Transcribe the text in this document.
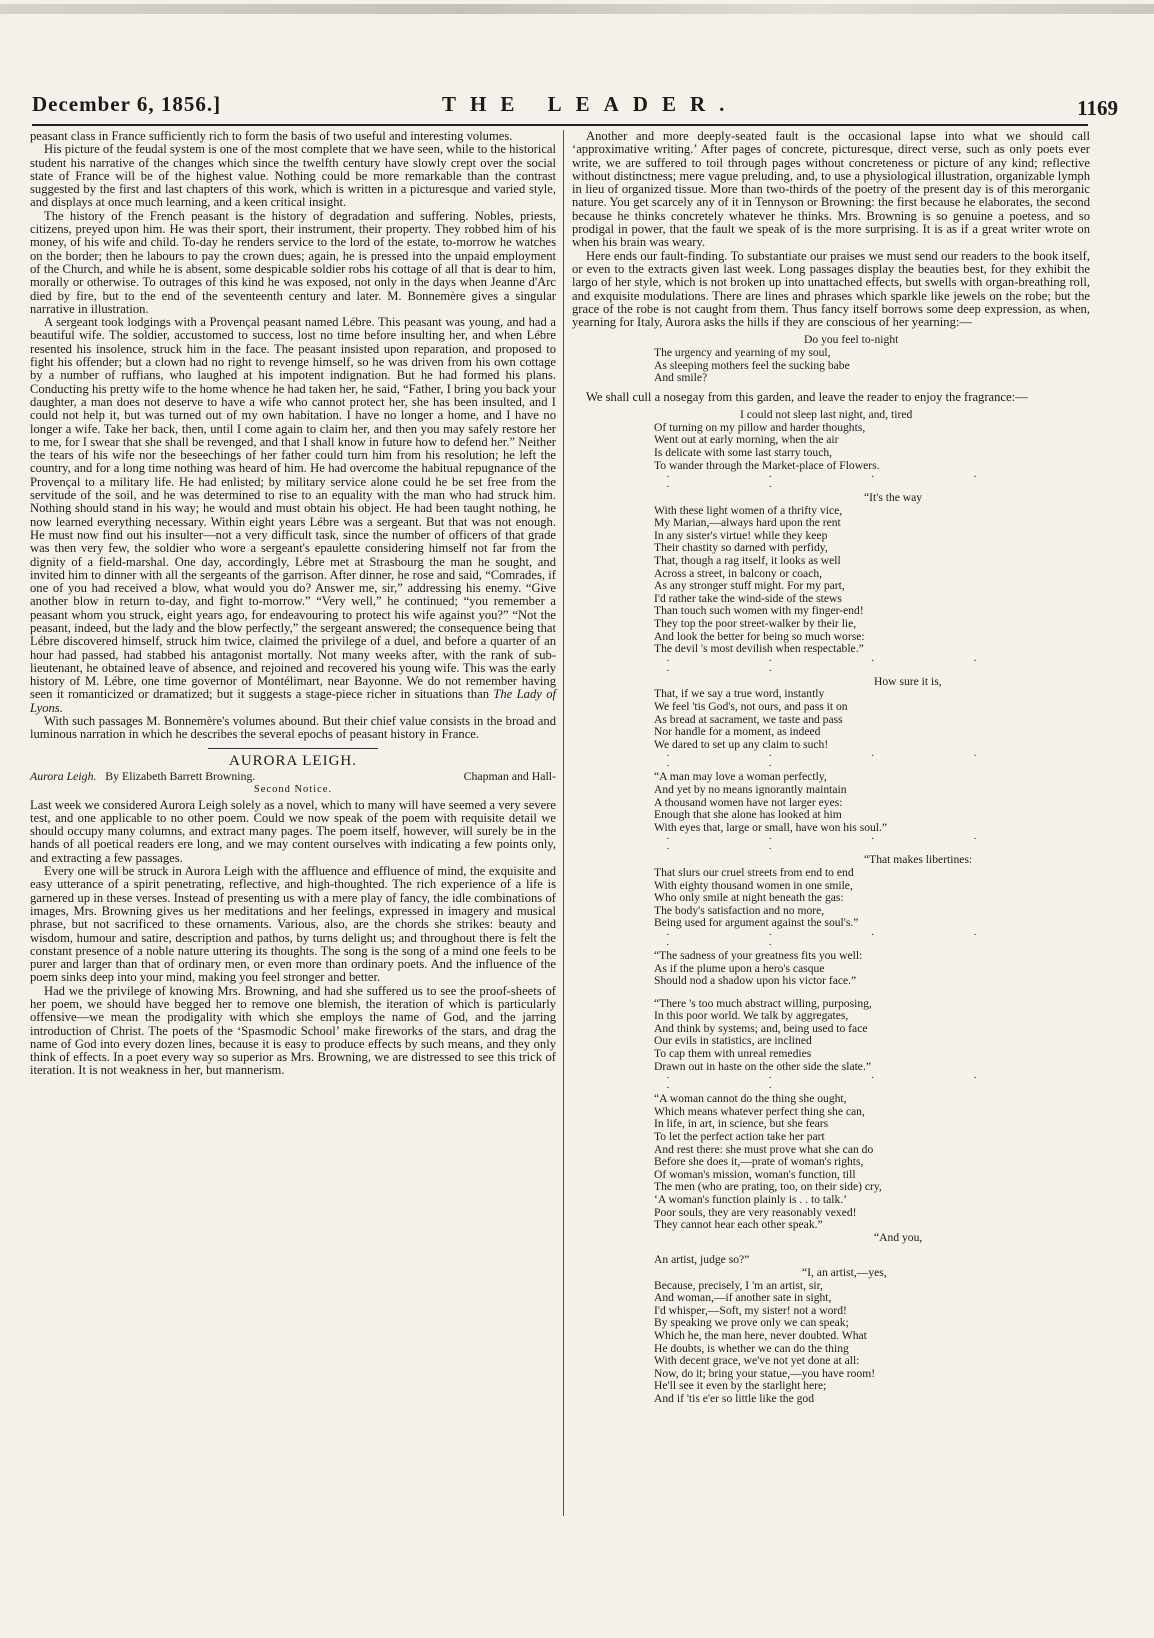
December 6, 1856.]	THE LEADER.	1169

peasant class in France sufficiently rich to form the basis of two useful and interesting volumes.

His picture of the feudal system is one of the most complete that we have seen, while to the historical student his narrative of the changes which since the twelfth century have slowly crept over the social state of France will be of the highest value. Nothing could be more remarkable than the contrast suggested by the first and last chapters of this work, which is written in a picturesque and varied style, and displays at once much learning, and a keen critical insight.

The history of the French peasant is the history of degradation and suffering. Nobles, priests, citizens, preyed upon him. He was their sport, their instrument, their property. They robbed him of his money, of his wife and child. To-day he renders service to the lord of the estate, to-morrow he watches on the border; then he labours to pay the crown dues; again, he is pressed into the unpaid employment of the Church, and while he is absent, some despicable soldier robs his cottage of all that is dear to him, morally or otherwise. To outrages of this kind he was exposed, not only in the days when Jeanne d'Arc died by fire, but to the end of the seventeenth century and later. M. Bonnemère gives a singular narrative in illustration.

A sergeant took lodgings with a Provençal peasant named Lébre. This peasant was young, and had a beautiful wife. The soldier, accustomed to success, lost no time before insulting her, and when Lébre resented his insolence, struck him in the face. The peasant insisted upon reparation, and proposed to fight his offender; but a clown had no right to revenge himself, so he was driven from his own cottage by a number of ruffians, who laughed at his impotent indignation. But he had formed his plans. Conducting his pretty wife to the home whence he had taken her, he said, “Father, I bring you back your daughter, a man does not deserve to have a wife who cannot protect her, she has been insulted, and I could not help it, but was turned out of my own habitation. I have no longer a home, and I have no longer a wife. Take her back, then, until I come again to claim her, and then you may safely restore her to me, for I swear that she shall be revenged, and that I shall know in future how to defend her.” Neither the tears of his wife nor the beseechings of her father could turn him from his resolution; he left the country, and for a long time nothing was heard of him. He had overcome the habitual repugnance of the Provençal to a military life. He had enlisted; by military service alone could he be set free from the servitude of the soil, and he was determined to rise to an equality with the man who had struck him. Nothing should stand in his way; he would and must obtain his object. He had been taught nothing, he now learned everything necessary. Within eight years Lébre was a sergeant. But that was not enough. He must now find out his insulter—not a very difficult task, since the number of officers of that grade was then very few, the soldier who wore a sergeant's epaulette considering himself not far from the dignity of a field-marshal. One day, accordingly, Lébre met at Strasbourg the man he sought, and invited him to dinner with all the sergeants of the garrison. After dinner, he rose and said, “Comrades, if one of you had received a blow, what would you do? Answer me, sir,” addressing his enemy. “Give another blow in return to-day, and fight to-morrow.” “Very well,” he continued; “you remember a peasant whom you struck, eight years ago, for endeavouring to protect his wife against you?” “Not the peasant, indeed, but the lady and the blow perfectly,” the sergeant answered; the consequence being that Lébre discovered himself, struck him twice, claimed the privilege of a duel, and before a quarter of an hour had passed, had stabbed his antagonist mortally. Not many weeks after, with the rank of sub-lieutenant, he obtained leave of absence, and rejoined and recovered his young wife. This was the early history of M. Lébre, one time governor of Montélimart, near Bayonne. We do not remember having seen it romanticized or dramatized; but it suggests a stage-piece richer in situations than The Lady of Lyons.

With such passages M. Bonnemère's volumes abound. But their chief value consists in the broad and luminous narration in which he describes the several epochs of peasant history in France.

AURORA LEIGH.
Aurora Leigh. By Elizabeth Barrett Browning.	Chapman and Hall-
Second Notice.

Last week we considered Aurora Leigh solely as a novel, which to many will have seemed a very severe test, and one applicable to no other poem. Could we now speak of the poem with requisite detail we should occupy many columns, and extract many pages. The poem itself, however, will surely be in the hands of all poetical readers ere long, and we may content ourselves with indicating a few points only, and extracting a few passages.

Every one will be struck in Aurora Leigh with the affluence and effluence of mind, the exquisite and easy utterance of a spirit penetrating, reflective, and high-thoughted. The rich experience of a life is garnered up in these verses. Instead of presenting us with a mere play of fancy, the idle combinations of images, Mrs. Browning gives us her meditations and her feelings, expressed in imagery and musical phrase, but not sacrificed to these ornaments. Various, also, are the chords she strikes: beauty and wisdom, humour and satire, description and pathos, by turns delight us; and throughout there is felt the constant presence of a noble nature uttering its thoughts. The song is the song of a mind one feels to be purer and larger than that of ordinary men, or even more than ordinary poets. And the influence of the poem sinks deep into your mind, making you feel stronger and better.

Had we the privilege of knowing Mrs. Browning, and had she suffered us to see the proof-sheets of her poem, we should have begged her to remove one blemish, the iteration of which is particularly offensive—we mean the prodigality with which she employs the name of God, and the jarring introduction of Christ. The poets of the ‘Spasmodic School’ make fireworks of the stars, and drag the name of God into every dozen lines, because it is easy to produce effects by such means, and they only think of effects. In a poet every way so superior as Mrs. Browning, we are distressed to see this trick of iteration. It is not weakness in her, but mannerism.

Another and more deeply-seated fault is the occasional lapse into what we should call ‘approximative writing.’ After pages of concrete, picturesque, direct verse, such as only poets ever write, we are suffered to toil through pages without concreteness or picture of any kind; reflective without distinctness; mere vague preluding, and, to use a physiological illustration, organizable lymph in lieu of organized tissue. More than two-thirds of the poetry of the present day is of this merorganic nature. You get scarcely any of it in Tennyson or Browning: the first because he elaborates, the second because he thinks concretely whatever he thinks. Mrs. Browning is so genuine a poetess, and so prodigal in power, that the fault we speak of is the more surprising. It is as if a great writer wrote on when his brain was weary.

Here ends our fault-finding. To substantiate our praises we must send our readers to the book itself, or even to the extracts given last week. Long passages display the beauties best, for they exhibit the largo of her style, which is not broken up into unattached effects, but swells with organ-breathing roll, and exquisite modulations. There are lines and phrases which sparkle like jewels on the robe; but the grace of the robe is not caught from them. Thus fancy itself borrows some deep expression, as when, yearning for Italy, Aurora asks the hills if they are conscious of her yearning:—

Do you feel to-night
The urgency and yearning of my soul,
As sleeping mothers feel the sucking babe
And smile?

We shall cull a nosegay from this garden, and leave the reader to enjoy the fragrance:—

I could not sleep last night, and, tired
Of turning on my pillow and harder thoughts,
Went out at early morning, when the air
Is delicate with some last starry touch,
To wander through the Market-place of Flowers.
· · · · · ·
“It's the way
With these light women of a thrifty vice,
My Marian,—always hard upon the rent
In any sister's virtue! while they keep
Their chastity so darned with perfidy,
That, though a rag itself, it looks as well
Across a street, in balcony or coach,
As any stronger stuff might. For my part,
I'd rather take the wind-side of the stews
Than touch such women with my finger-end!
They top the poor street-walker by their lie,
And look the better for being so much worse:
The devil 's most devilish when respectable.”
· · · · · ·
How sure it is,
That, if we say a true word, instantly
We feel 'tis God's, not ours, and pass it on
As bread at sacrament, we taste and pass
Nor handle for a moment, as indeed
We dared to set up any claim to such!
· · · · · ·
“A man may love a woman perfectly,
And yet by no means ignorantly maintain
A thousand women have not larger eyes:
Enough that she alone has looked at him
With eyes that, large or small, have won his soul.”
· · · · · ·
“That makes libertines:
That slurs our cruel streets from end to end
With eighty thousand women in one smile,
Who only smile at night beneath the gas:
The body's satisfaction and no more,
Being used for argument against the soul's.”
· · · · · ·
“The sadness of your greatness fits you well:
As if the plume upon a hero's casque
Should nod a shadow upon his victor face.”
“There 's too much abstract willing, purposing,
In this poor world. We talk by aggregates,
And think by systems; and, being used to face
Our evils in statistics, are inclined
To cap them with unreal remedies
Drawn out in haste on the other side the slate.”
· · · · · ·
“A woman cannot do the thing she ought,
Which means whatever perfect thing she can,
In life, in art, in science, but she fears
To let the perfect action take her part
And rest there: she must prove what she can do
Before she does it,—prate of woman's rights,
Of woman's mission, woman's function, till
The men (who are prating, too, on their side) cry,
‘A woman's function plainly is . . to talk.’
Poor souls, they are very reasonably vexed!
They cannot hear each other speak.”
“And you,
An artist, judge so?”
“I, an artist,—yes,
Because, precisely, I 'm an artist, sir,
And woman,—if another sate in sight,
I'd whisper,—Soft, my sister! not a word!
By speaking we prove only we can speak;
Which he, the man here, never doubted. What
He doubts, is whether we can do the thing
With decent grace, we've not yet done at all:
Now, do it; bring your statue,—you have room!
He'll see it even by the starlight here;
And if 'tis e'er so little like the god
